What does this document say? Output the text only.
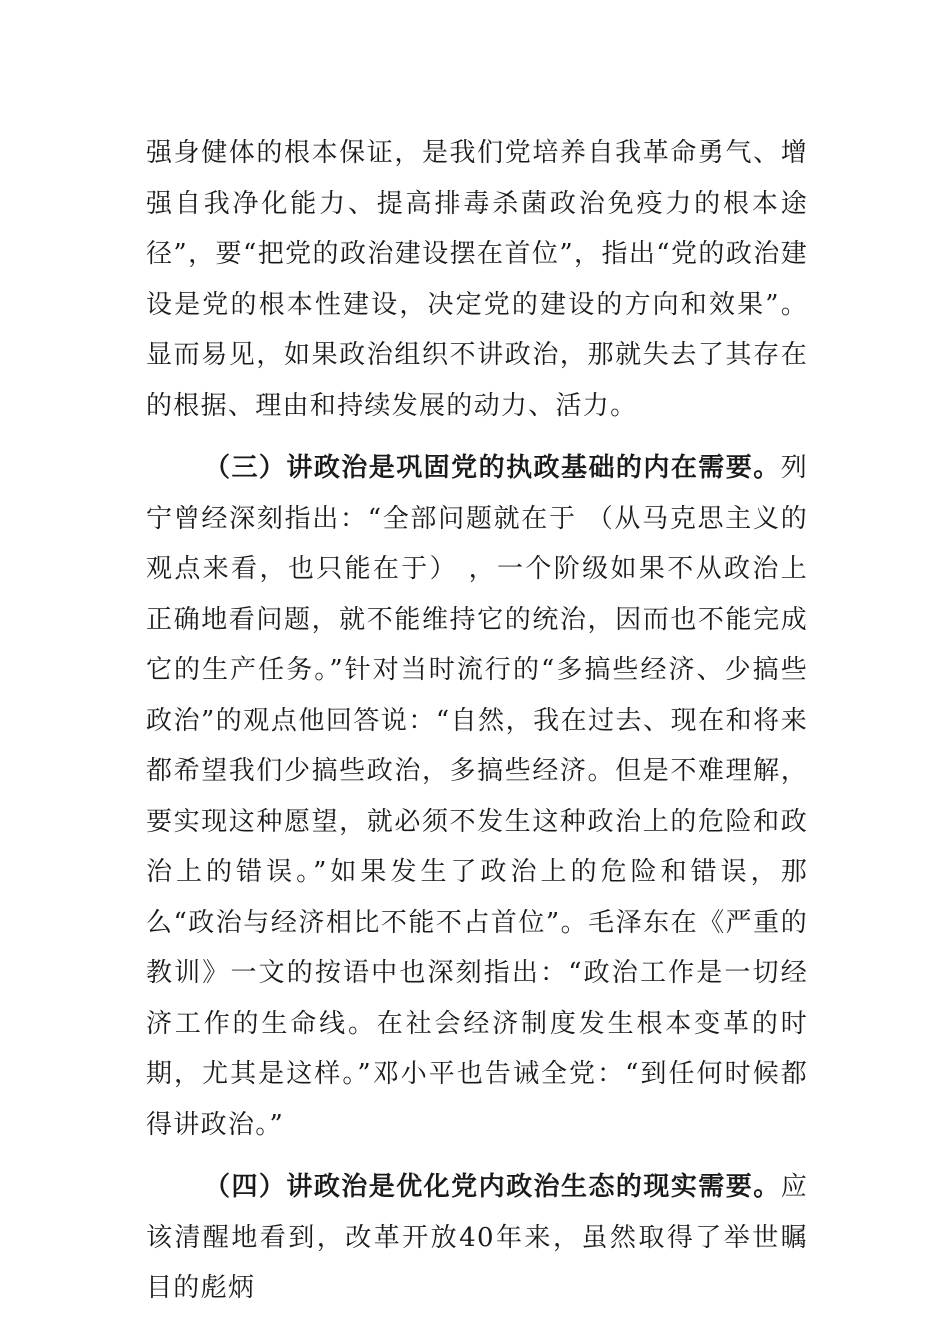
强身健体的根本保证，是我们党培养自我革命勇气、增强自我净化能力、提高排毒杀菌政治免疫力的根本途径”，要“把党的政治建设摆在首位”，指出“党的政治建设是党的根本性建设，决定党的建设的方向和效果”。显而易见，如果政治组织不讲政治，那就失去了其存在的根据、理由和持续发展的动力、活力。

（三）讲政治是巩固党的执政基础的内在需要。列宁曾经深刻指出：“全部问题就在于 （从马克思主义的观点来看，也只能在于） ，一个阶级如果不从政治上正确地看问题，就不能维持它的统治，因而也不能完成它的生产任务。”针对当时流行的“多搞些经济、少搞些政治”的观点他回答说：“自然，我在过去、现在和将来都希望我们少搞些政治，多搞些经济。但是不难理解，要实现这种愿望，就必须不发生这种政治上的危险和政治上的错误。”如果发生了政治上的危险和错误，那么“政治与经济相比不能不占首位”。毛泽东在《严重的教训》一文的按语中也深刻指出：“政治工作是一切经济工作的生命线。在社会经济制度发生根本变革的时期，尤其是这样。”邓小平也告诫全党：“到任何时候都得讲政治。”

（四）讲政治是优化党内政治生态的现实需要。应该清醒地看到，改革开放40年来，虽然取得了举世瞩目的彪炳
